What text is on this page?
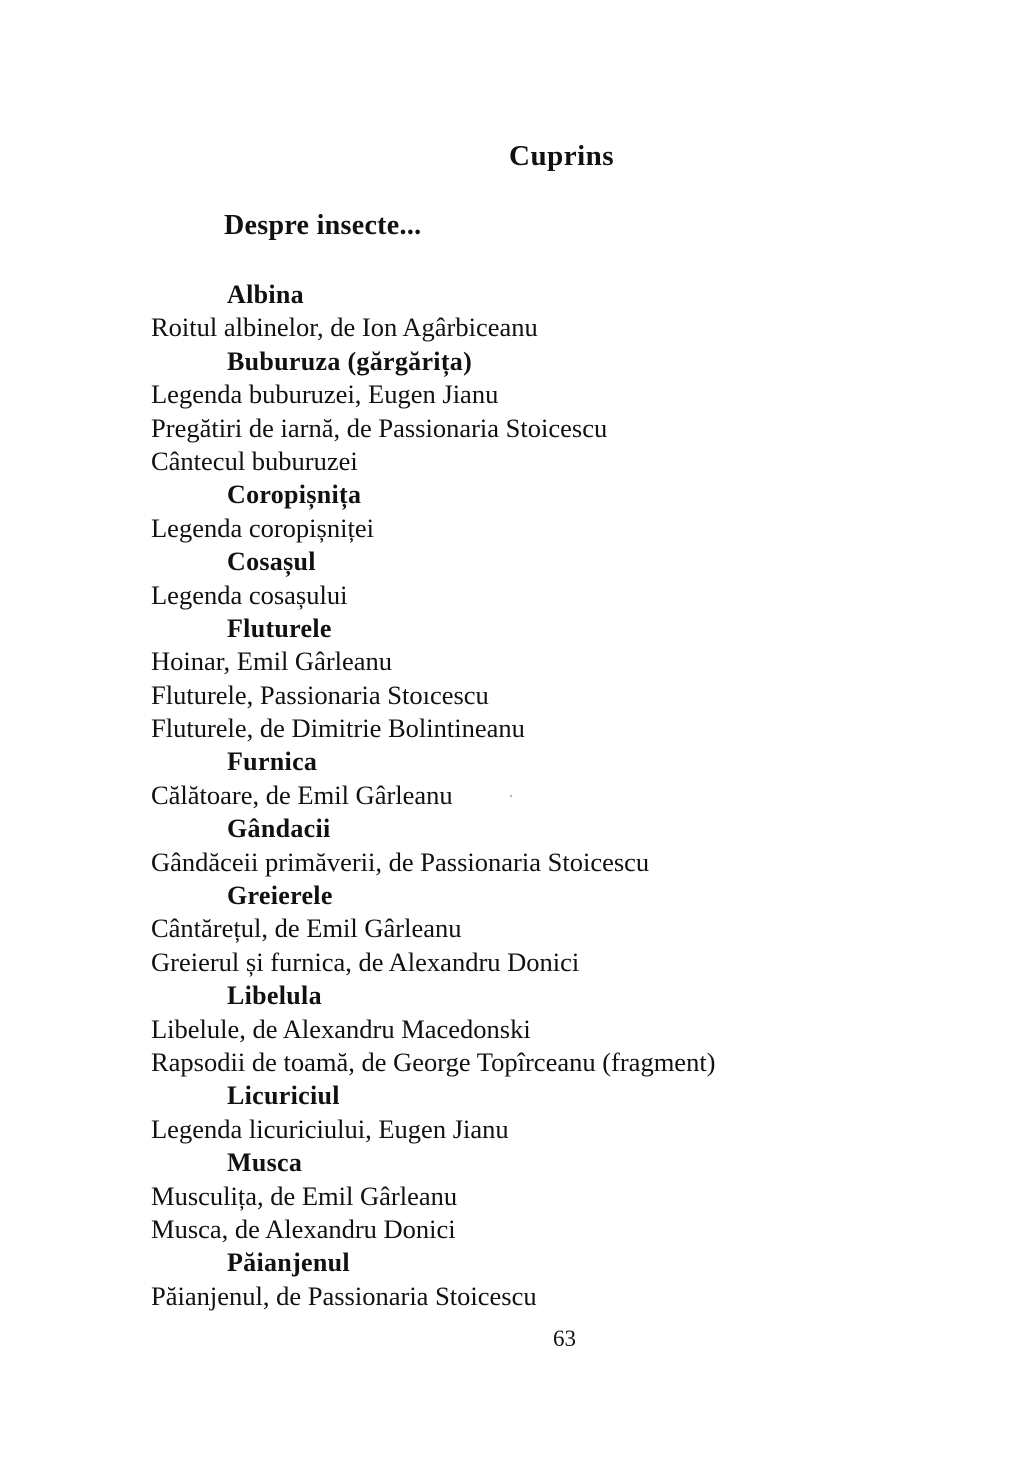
Cuprins
Despre insecte...
Albina
Roitul albinelor, de Ion Agârbiceanu
Buburuza (gărgărița)
Legenda buburuzei, Eugen Jianu
Pregătiri de iarnă, de Passionaria Stoicescu
Cântecul buburuzei
Coropișnița
Legenda coropișniței
Cosașul
Legenda cosașului
Fluturele
Hoinar, Emil Gârleanu
Fluturele, Passionaria Stoıcescu
Fluturele, de Dimitrie Bolintineanu
Furnica
Călătoare, de Emil Gârleanu
Gândacii
Gândăceii primăverii, de Passionaria Stoicescu
Greierele
Cântărețul, de Emil Gârleanu
Greierul și furnica, de Alexandru Donici
Libelula
Libelule, de Alexandru Macedonski
Rapsodii de toamă, de George Topîrceanu (fragment)
Licuriciul
Legenda licuriciului, Eugen Jianu
Musca
Musculița, de Emil Gârleanu
Musca, de Alexandru Donici
Păianjenul
Păianjenul, de Passionaria Stoicescu
63
